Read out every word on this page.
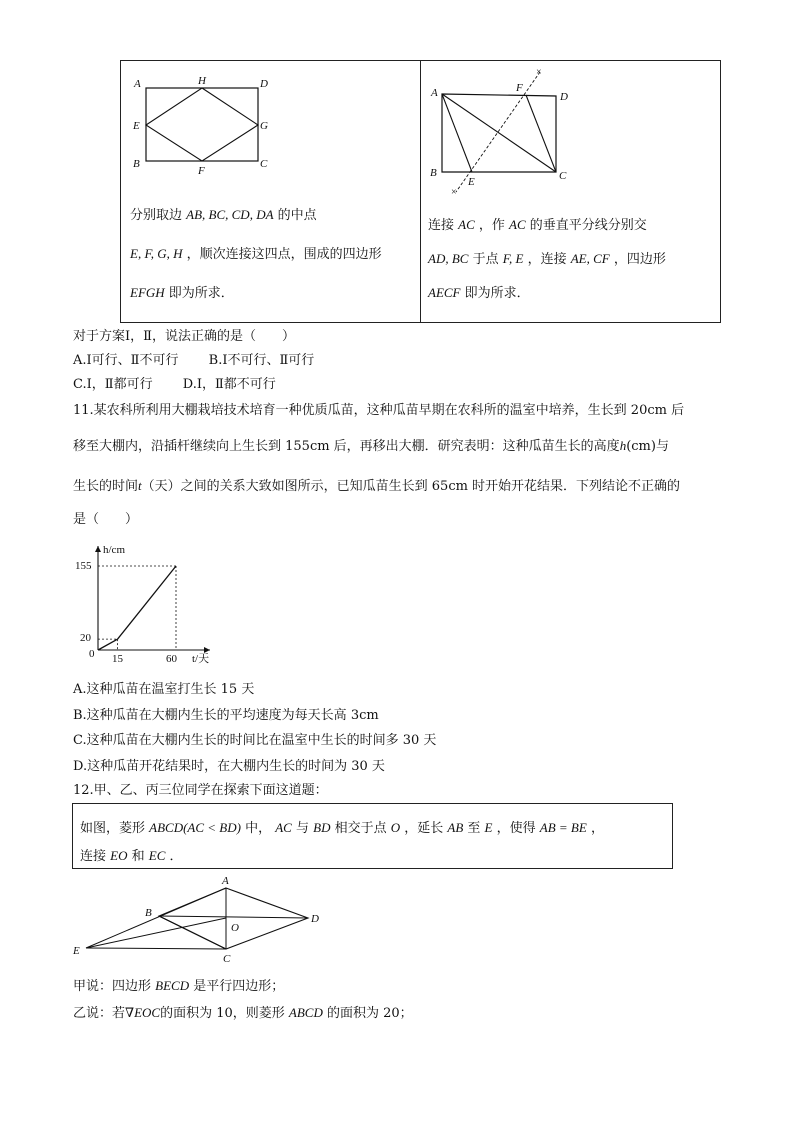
A	H	D
E	G
B
F
C
分别取边 AB, BC, CD, DA 的中点
E, F, G, H ，顺次连接这四点，围成的四边形
EFGH 即为所求．
×
×
A	F
D
B
E	C
连接 AC ，作 AC 的垂直平分线分别交
AD, BC 于点 F, E ，连接 AE, CF ，四边形
AECF 即为所求．
对于方案Ⅰ，Ⅱ，说法正确的是（　　）
A.Ⅰ可行、Ⅱ不可行 B.Ⅰ不可行、Ⅱ可行
C.Ⅰ，Ⅱ都可行 D.Ⅰ，Ⅱ都不可行
11.某农科所利用大棚栽培技术培育一种优质瓜苗，这种瓜苗早期在农科所的温室中培养，生长到 20cm 后
移至大棚内，沿插杆继续向上生长到 155cm 后，再移出大棚．研究表明：这种瓜苗生长的高度h(cm)与
生长的时间t（天）之间的关系大致如图所示，已知瓜苗生长到 65cm 时开始开花结果．下列结论不正确的
是（　　）
h/cm
t/天
0
155
20
15	60
A.这种瓜苗在温室打生长 15 天
B.这种瓜苗在大棚内生长的平均速度为每天长高 3cm
C.这种瓜苗在大棚内生长的时间比在温室中生长的时间多 30 天
D.这种瓜苗开花结果时，在大棚内生长的时间为 30 天
12.甲、乙、丙三位同学在探索下面这道题：
如图，菱形 ABCD(AC < BD) 中， AC 与 BD 相交于点 O ，延长 AB 至 E ，使得 AB = BE ，
连接 EO 和 EC ．
A
B
O
D
E
C
甲说：四边形 BECD 是平行四边形；
乙说：若∇EOC的面积为 10，则菱形 ABCD 的面积为 20；
